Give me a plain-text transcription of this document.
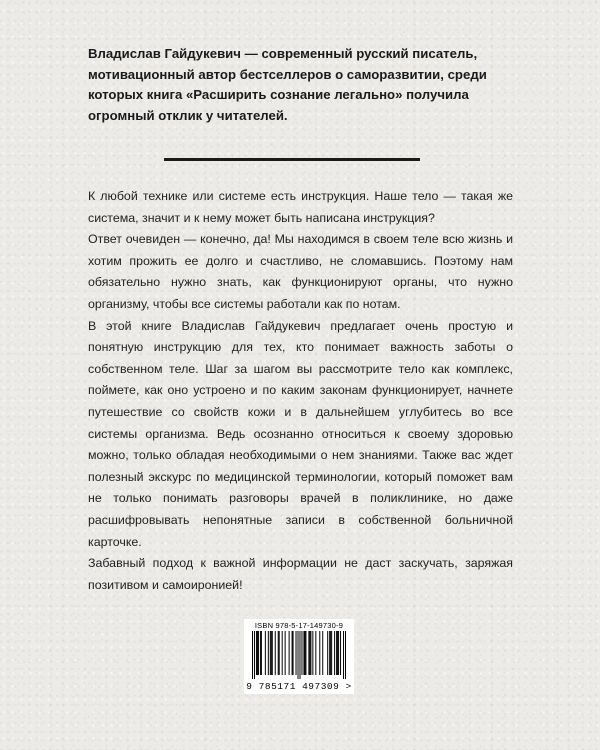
Владислав Гайдукевич — современный русский писатель, мотивационный автор бестселлеров о саморазвитии, среди которых книга «Расширить сознание легально» получила огромный отклик у читателей.

К любой технике или системе есть инструкция. Наше тело — такая же система, значит и к нему может быть написана инструкция?

Ответ очевиден — конечно, да! Мы находимся в своем теле всю жизнь и хотим прожить ее долго и счастливо, не сломавшись. Поэтому нам обязательно нужно знать, как функционируют органы, что нужно организму, чтобы все системы работали как по нотам.

В этой книге Владислав Гайдукевич предлагает очень простую и понятную инструкцию для тех, кто понимает важность заботы о собственном теле. Шаг за шагом вы рассмотрите тело как комплекс, поймете, как оно устроено и по каким законам функционирует, начнете путешествие со свойств кожи и в дальнейшем углубитесь во все системы организма. Ведь осознанно относиться к своему здоровью можно, только обладая необходимыми о нем знаниями. Также вас ждет полезный экскурс по медицинской терминологии, который поможет вам не только понимать разговоры врачей в поликлинике, но даже расшифровывать непонятные записи в собственной больничной карточке.

Забавный подход к важной информации не даст заскучать, заряжая позитивом и самоиронией!

ISBN 978-5-17-149730-9
9 785171 497309 >
